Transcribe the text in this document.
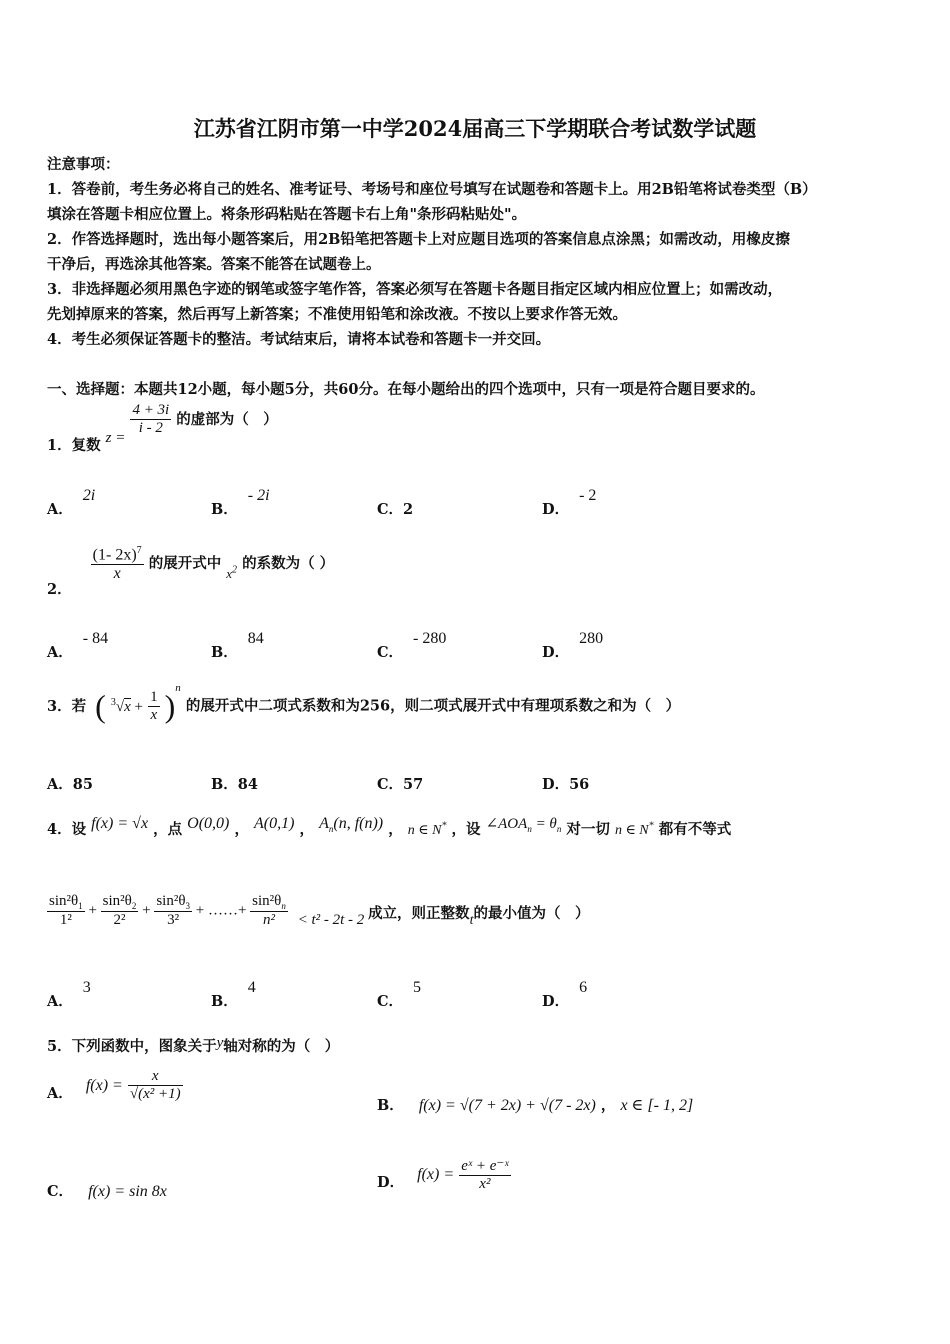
江苏省江阴市第一中学2024届高三下学期联合考试数学试题
注意事项：
1．答卷前，考生务必将自己的姓名、准考证号、考场号和座位号填写在试题卷和答题卡上。用2B铅笔将试卷类型（B）
填涂在答题卡相应位置上。将条形码粘贴在答题卡右上角"条形码粘贴处"。
2．作答选择题时，选出每小题答案后，用2B铅笔把答题卡上对应题目选项的答案信息点涂黑；如需改动，用橡皮擦
干净后，再选涂其他答案。答案不能答在试题卷上。
3．非选择题必须用黑色字迹的钢笔或签字笔作答，答案必须写在答题卡各题目指定区域内相应位置上；如需改动，
先划掉原来的答案，然后再写上新答案；不准使用铅笔和涂改液。不按以上要求作答无效。
4．考生必须保证答题卡的整洁。考试结束后，请将本试卷和答题卡一并交回。
一、选择题：本题共12小题，每小题5分，共60分。在每小题给出的四个选项中，只有一项是符合题目要求的。
1．复数 z =
$\frac{4 + 3i}{i - 2}$ 的虚部为（　）
A．2i
B．- 2i
C．2	D．- 2
2．
$\frac{(1- 2x)^7}{x}$ 的展开式中 $x^2$ 的系数为（ ）
A．- 84
B．84
C．- 280
D．280
3．若 ( $^3√x + \frac{1}{x} )^n$ 的展开式中二项式系数和为256，则二项式展开式中有理项系数之和为（　）
A．85	B．84	C．57	D．56
4．设 f(x) = √x ，点 O(0,0) ， A(0,1) ， $A_n(n$, f(n)) ， n ∈ N* ，设 $\angle AOA_n = \theta_n$ 对一切 n ∈ N* 都有不等式
$\frac{\sin^2\theta_1}{\text{1²}} + \frac{\sin^2\theta_2}{\text{2²}} + \frac{\sin^2\theta_3}{\text{3²}}$ + ……+ $\frac{\sin^2\theta_n}{\text{n²}} < t^2 - 2t - 2$ 成立，则正整数t的最小值为（　）
A．3
B．4
C．5
D．6
5．下列函数中，图象关于y轴对称的为（　）
A． $f(x) = \frac{x}{\text{√(x² +1)}}$
B． f(x) = √(7 + 2x) + √(7 - 2x) ， x ∈ [- 1, 2]
C． f(x) = sin 8x
D． $f(x) = \frac{\text{eˣ + e⁻ˣ}}{\text{x²}}$
